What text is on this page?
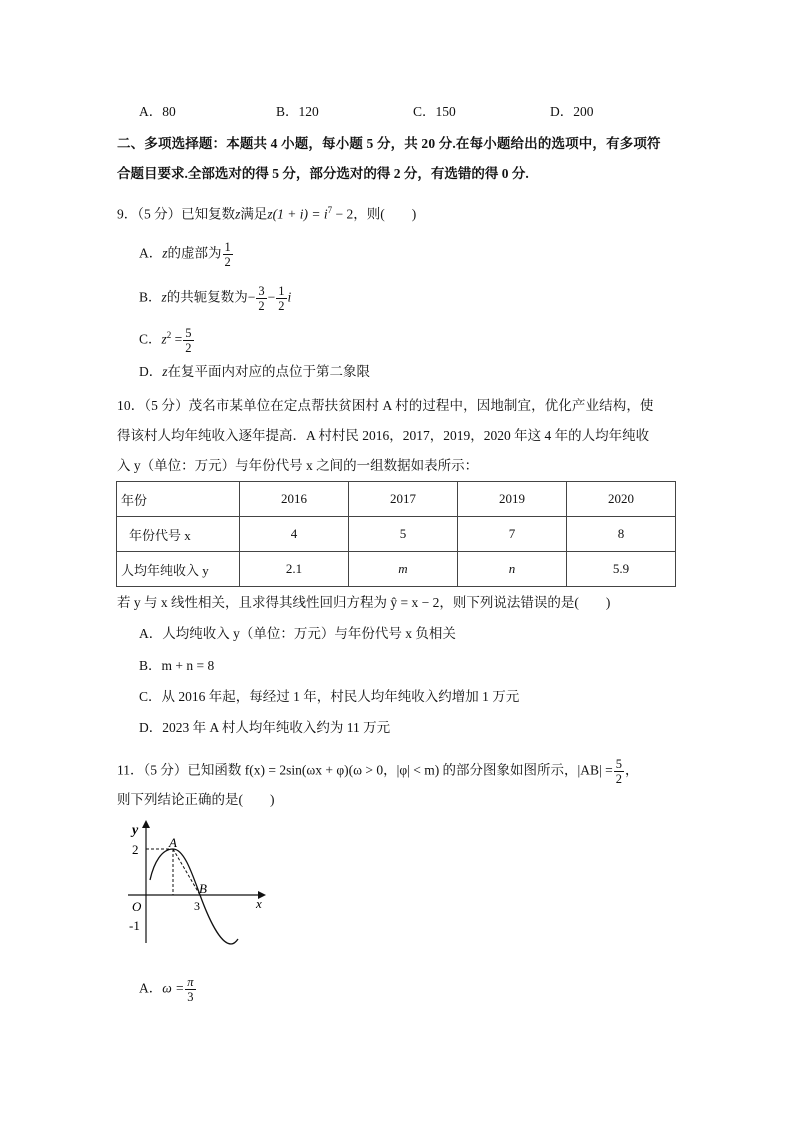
A．80	B．120	C．150	D．200
二、多项选择题：本题共 4 小题，每小题 5 分，共 20 分.在每小题给出的选项中，有多项符
合题目要求.全部选对的得 5 分，部分选对的得 2 分，有选错的得 0 分.
9．（5 分）已知复数z满足$z(1 + i) = i^7 - 2$，则(　　)
A．z的虚部为 $\frac{1}{2}$
B．z的共轭复数为− $\frac{3}{2} - \frac{1}{2}$ i
C．$z^2 = \frac{5}{2}$
D．z在复平面内对应的点位于第二象限
10．（5 分）茂名市某单位在定点帮扶贫困村 A 村的过程中，因地制宜，优化产业结构，使
得该村人均年纯收入逐年提高．A 村村民 2016，2017，2019，2020 年这 4 年的人均年纯收
入 y（单位：万元）与年份代号 x 之间的一组数据如表所示：
年份	2016	2017	2019	2020
年份代号 x	4	5	7	8
人均年纯收入 y	2.1	m	n	5.9
若 y 与 x 线性相关，且求得其线性回归方程为 ŷ = x − 2，则下列说法错误的是(　　)
A．人均纯收入 y（单位：万元）与年份代号 x 负相关
B．m + n = 8
C．从 2016 年起，每经过 1 年，村民人均年纯收入约增加 1 万元
D．2023 年 A 村人均年纯收入约为 11 万元
11．（5 分）已知函数 f(x) = 2sin(ωx + φ)(ω > 0，|φ| < m) 的部分图象如图所示，$|AB| = \frac{5}{2}$ ，
则下列结论正确的是(　　)
y
x
O
2
-1
3
A
B
A．$\omega = \frac{\pi}{3}$
